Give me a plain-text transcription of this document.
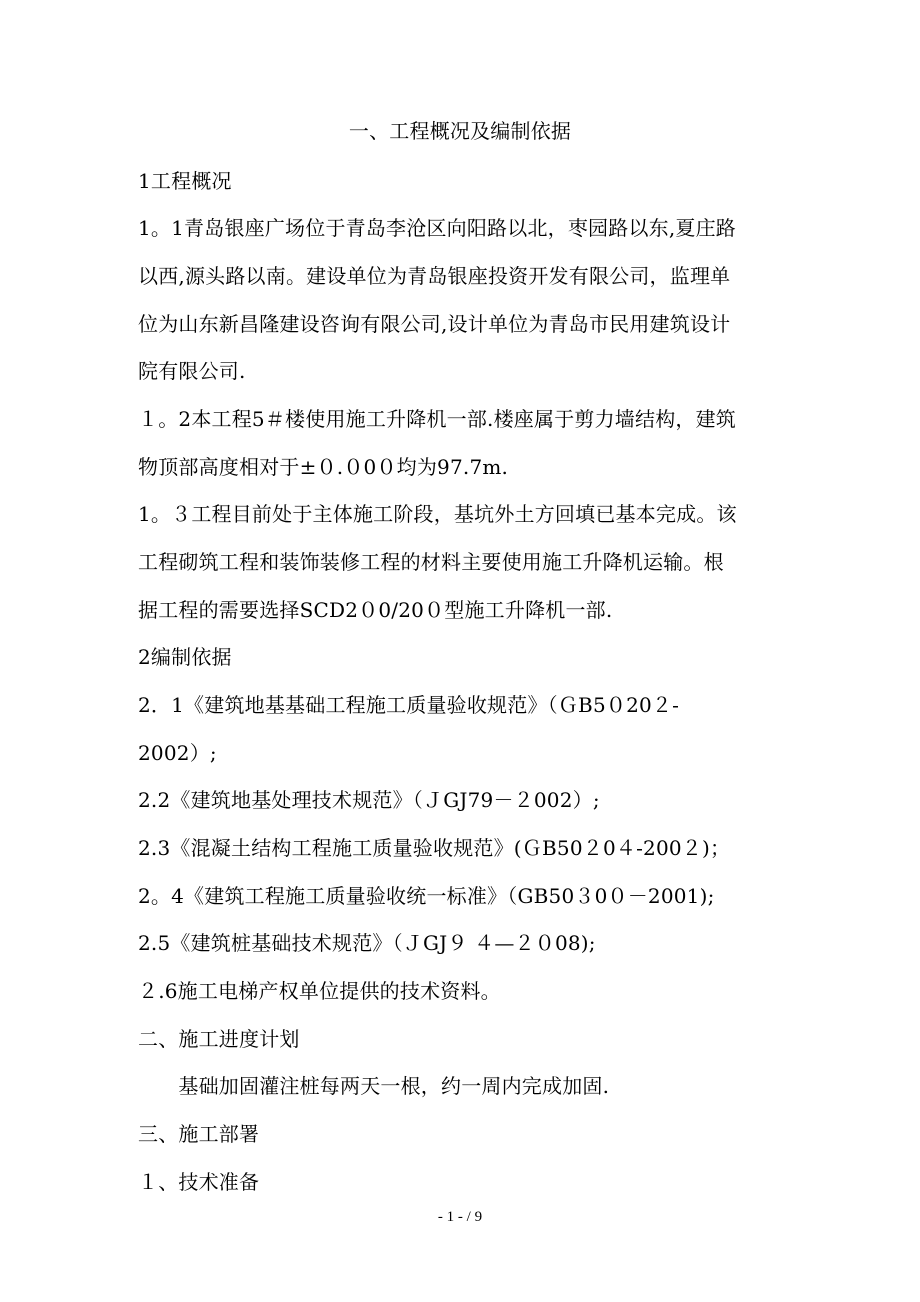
一、工程概况及编制依据
1工程概况
1。1青岛银座广场位于青岛李沧区向阳路以北，枣园路以东,夏庄路
以西,源头路以南。建设单位为青岛银座投资开发有限公司，监理单
位为山东新昌隆建设咨询有限公司,设计单位为青岛市民用建筑设计
院有限公司.
１。2本工程5＃楼使用施工升降机一部.楼座属于剪力墙结构，建筑
物顶部高度相对于±０.０0０均为97.7m.
1。３工程目前处于主体施工阶段，基坑外土方回填已基本完成。该
工程砌筑工程和装饰装修工程的材料主要使用施工升降机运输。根
据工程的需要选择SCD2０0/20０型施工升降机一部.
2编制依据
2．1《建筑地基基础工程施工质量验收规范》（ＧB5０20２-
2002）;
2.2《建筑地基处理技术规范》（ＪGJ79－２002）;
2.3《混凝土结构工程施工质量验收规范》(ＧB50２0４-200２)；
2。4《建筑工程施工质量验收统一标准》（GB50３0０－2001);
2.5《建筑桩基础技术规范》（ＪGJ９ ４—２０08);
２.6施工电梯产权单位提供的技术资料。
二、施工进度计划
　　基础加固灌注桩每两天一根，约一周内完成加固.
三、施工部署
１、技术准备
- 1 - / 9
